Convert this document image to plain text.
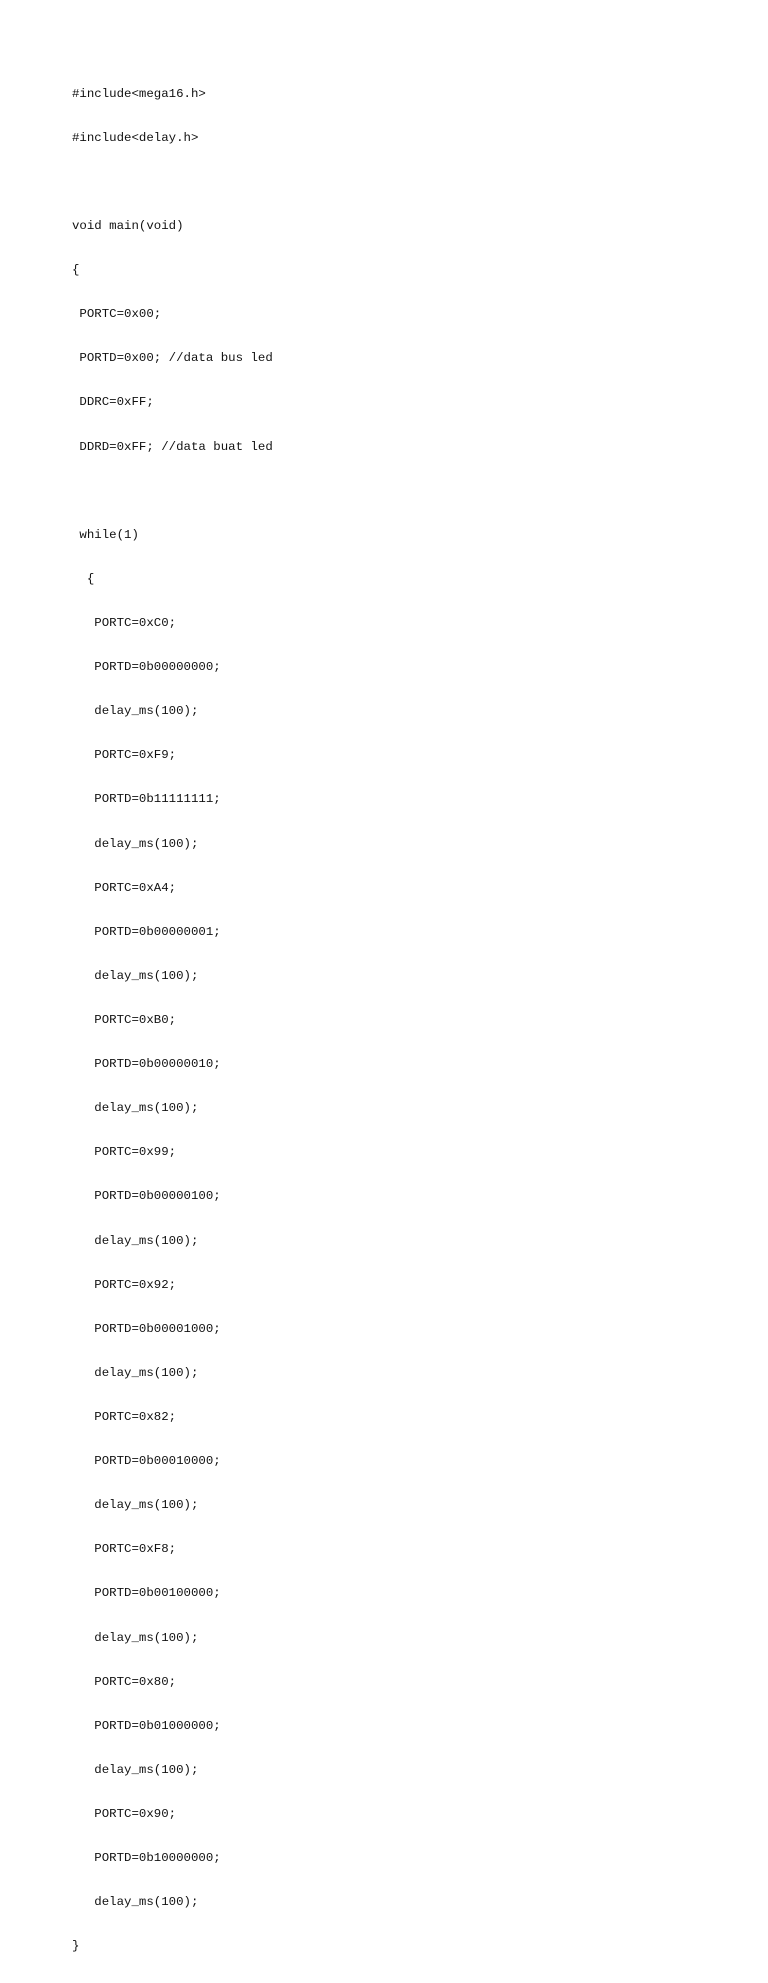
#include<mega16.h>

#include<delay.h>

void main(void)

{

PORTC=0x00;

PORTD=0x00; //data bus led

DDRC=0xFF;

DDRD=0xFF; //data buat led

while(1)

{

PORTC=0xC0;

PORTD=0b00000000;

delay_ms(100);

PORTC=0xF9;

PORTD=0b11111111;

delay_ms(100);

PORTC=0xA4;

PORTD=0b00000001;

delay_ms(100);

PORTC=0xB0;

PORTD=0b00000010;

delay_ms(100);

PORTC=0x99;

PORTD=0b00000100;

delay_ms(100);

PORTC=0x92;

PORTD=0b00001000;

delay_ms(100);

PORTC=0x82;

PORTD=0b00010000;

delay_ms(100);

PORTC=0xF8;

PORTD=0b00100000;

delay_ms(100);

PORTC=0x80;

PORTD=0b01000000;

delay_ms(100);

PORTC=0x90;

PORTD=0b10000000;

delay_ms(100);

}
